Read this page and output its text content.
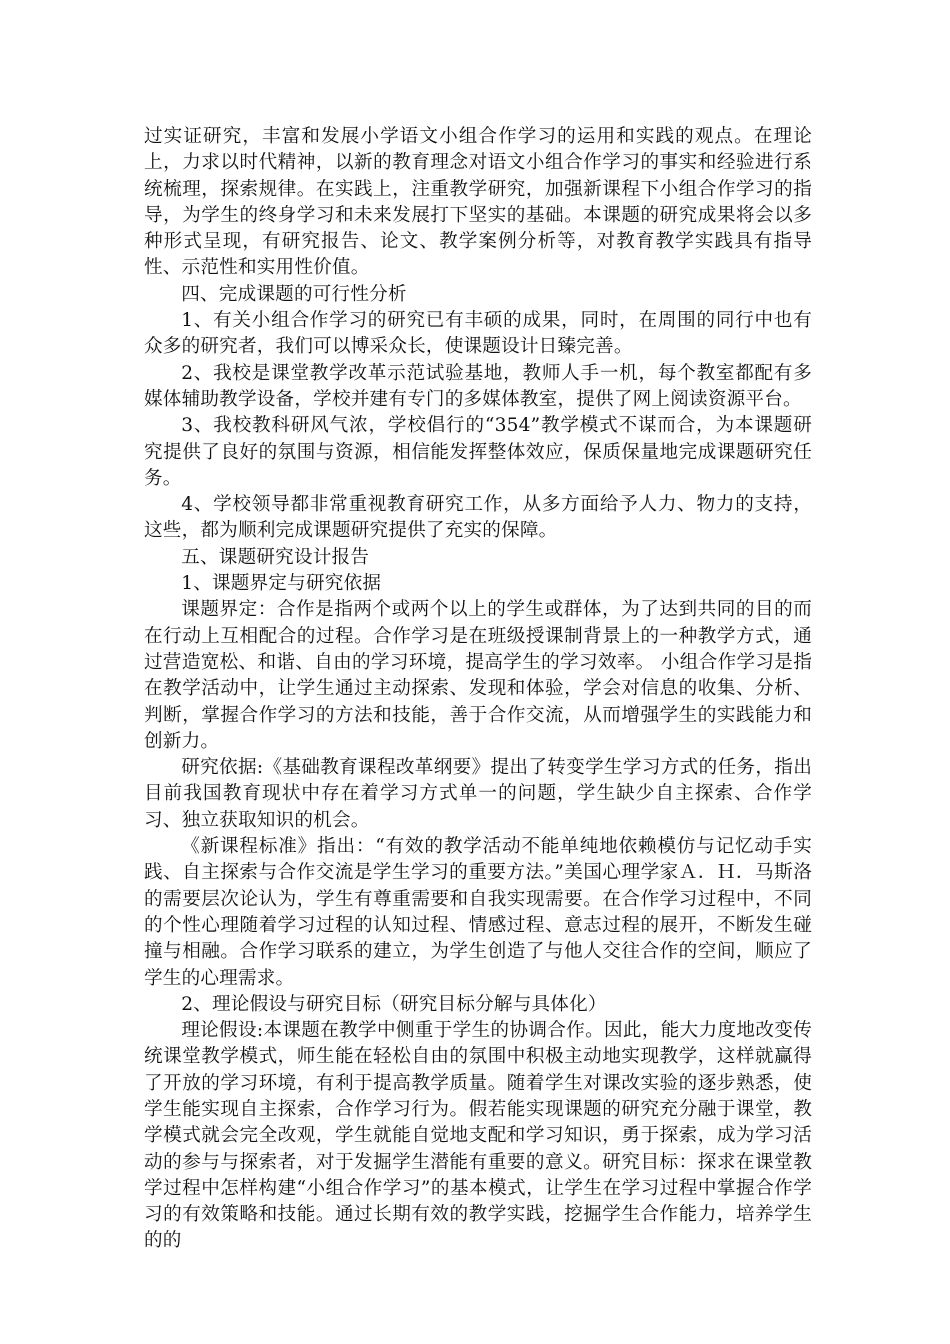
过实证研究，丰富和发展小学语文小组合作学习的运用和实践的观点。在理论上，力求以时代精神，以新的教育理念对语文小组合作学习的事实和经验进行系统梳理，探索规律。在实践上，注重教学研究，加强新课程下小组合作学习的指导，为学生的终身学习和未来发展打下坚实的基础。本课题的研究成果将会以多种形式呈现，有研究报告、论文、教学案例分析等，对教育教学实践具有指导性、示范性和实用性价值。

四、完成课题的可行性分析

1、有关小组合作学习的研究已有丰硕的成果，同时，在周围的同行中也有众多的研究者，我们可以博采众长，使课题设计日臻完善。

2、我校是课堂教学改革示范试验基地，教师人手一机，每个教室都配有多媒体辅助教学设备，学校并建有专门的多媒体教室，提供了网上阅读资源平台。

3、我校教科研风气浓，学校倡行的“354”教学模式不谋而合，为本课题研究提供了良好的氛围与资源，相信能发挥整体效应，保质保量地完成课题研究任务。

4、学校领导都非常重视教育研究工作，从多方面给予人力、物力的支持，这些，都为顺利完成课题研究提供了充实的保障。

五、课题研究设计报告

1、课题界定与研究依据

课题界定：合作是指两个或两个以上的学生或群体，为了达到共同的目的而在行动上互相配合的过程。合作学习是在班级授课制背景上的一种教学方式，通过营造宽松、和谐、自由的学习环境，提高学生的学习效率。 小组合作学习是指在教学活动中，让学生通过主动探索、发现和体验，学会对信息的收集、分析、判断，掌握合作学习的方法和技能，善于合作交流，从而增强学生的实践能力和创新力。

研究依据:《基础教育课程改革纲要》提出了转变学生学习方式的任务，指出目前我国教育现状中存在着学习方式单一的问题，学生缺少自主探索、合作学习、独立获取知识的机会。

《新课程标准》指出：“有效的教学活动不能单纯地依赖模仿与记忆动手实践、自主探索与合作交流是学生学习的重要方法。”美国心理学家Ａ．Ｈ．马斯洛的需要层次论认为，学生有尊重需要和自我实现需要。在合作学习过程中，不同的个性心理随着学习过程的认知过程、情感过程、意志过程的展开，不断发生碰撞与相融。合作学习联系的建立，为学生创造了与他人交往合作的空间，顺应了学生的心理需求。

2、理论假设与研究目标（研究目标分解与具体化）

理论假设:本课题在教学中侧重于学生的协调合作。因此，能大力度地改变传统课堂教学模式，师生能在轻松自由的氛围中积极主动地实现教学，这样就赢得了开放的学习环境，有利于提高教学质量。随着学生对课改实验的逐步熟悉，使学生能实现自主探索，合作学习行为。假若能实现课题的研究充分融于课堂，教学模式就会完全改观，学生就能自觉地支配和学习知识，勇于探索，成为学习活动的参与与探索者，对于发掘学生潜能有重要的意义。研究目标：探求在课堂教学过程中怎样构建“小组合作学习”的基本模式，让学生在学习过程中掌握合作学习的有效策略和技能。通过长期有效的教学实践，挖掘学生合作能力，培养学生的的
